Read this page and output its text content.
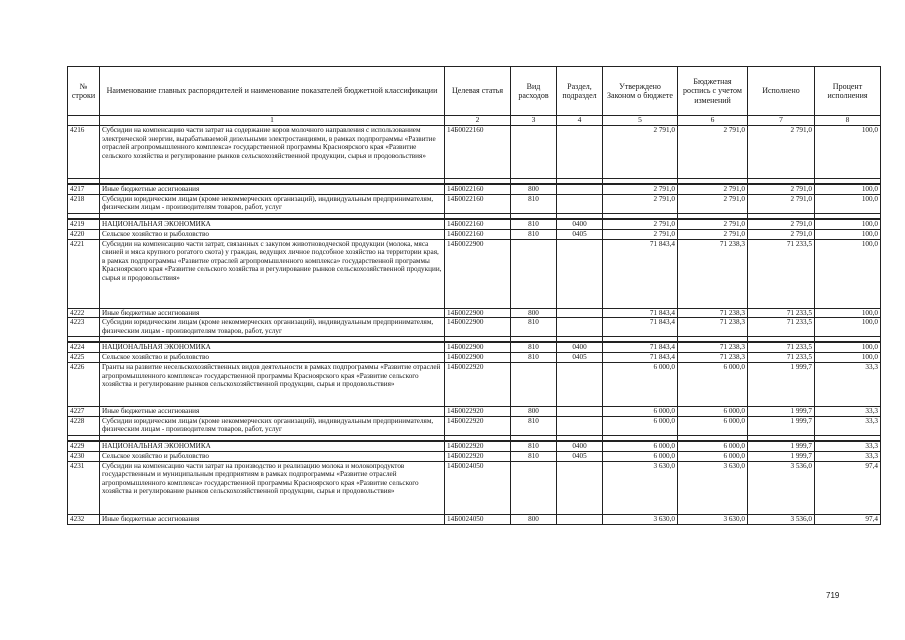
№ строки	Наименование главных распорядителей и наименование показателей бюджетной классификации	Целевая статья	Вид расходов	Раздел, подраздел	Утверждено Законом о бюджете	Бюджетная роспись с учетом изменений	Исполнено	Процент исполнения
	1	2	3	4	5	6	7	8
4216	Субсидии на компенсацию части затрат на содержание коров молочного направления с использованием электрической энергии, вырабатываемой дизельными электростанциями, в рамках подпрограммы «Развитие отраслей агропромышленного комплекса» государственной программы Красноярского края «Развитие сельского хозяйства и регулирование рынков сельскохозяйственной продукции, сырья и продовольствия»	14Б0022160			2 791,0	2 791,0	2 791,0	100,0

4217	Иные бюджетные ассигнования	14Б0022160	800		2 791,0	2 791,0	2 791,0	100,0
4218	Субсидии юридическим лицам (кроме некоммерческих организаций), индивидуальным предпринимателям, физическим лицам - производителям товаров, работ, услуг	14Б0022160	810		2 791,0	2 791,0	2 791,0	100,0

4219	НАЦИОНАЛЬНАЯ ЭКОНОМИКА	14Б0022160	810	0400	2 791,0	2 791,0	2 791,0	100,0
4220	Сельское хозяйство и рыболовство	14Б0022160	810	0405	2 791,0	2 791,0	2 791,0	100,0
4221	Субсидии на компенсацию части затрат, связанных с закупом животноводческой продукции (молока, мяса свиней и мяса крупного рогатого скота) у граждан, ведущих личное подсобное хозяйство на территории края, в рамках подпрограммы «Развитие отраслей агропромышленного комплекса» государственной программы Красноярского края «Развитие сельского хозяйства и регулирование рынков сельскохозяйственной продукции, сырья и продовольствия»	14Б0022900			71 843,4	71 238,3	71 233,5	100,0
4222	Иные бюджетные ассигнования	14Б0022900	800		71 843,4	71 238,3	71 233,5	100,0
4223	Субсидии юридическим лицам (кроме некоммерческих организаций), индивидуальным предпринимателям, физическим лицам - производителям товаров, работ, услуг	14Б0022900	810		71 843,4	71 238,3	71 233,5	100,0

4224	НАЦИОНАЛЬНАЯ ЭКОНОМИКА	14Б0022900	810	0400	71 843,4	71 238,3	71 233,5	100,0
4225	Сельское хозяйство и рыболовство	14Б0022900	810	0405	71 843,4	71 238,3	71 233,5	100,0
4226	Гранты на развитие несельскохозяйственных видов деятельности в рамках подпрограммы «Развитие отраслей агропромышленного комплекса» государственной программы Красноярского края «Развитие сельского хозяйства и регулирование рынков сельскохозяйственной продукции, сырья и продовольствия»	14Б0022920			6 000,0	6 000,0	1 999,7	33,3
4227	Иные бюджетные ассигнования	14Б0022920	800		6 000,0	6 000,0	1 999,7	33,3
4228	Субсидии юридическим лицам (кроме некоммерческих организаций), индивидуальным предпринимателям, физическим лицам - производителям товаров, работ, услуг	14Б0022920	810		6 000,0	6 000,0	1 999,7	33,3

4229	НАЦИОНАЛЬНАЯ ЭКОНОМИКА	14Б0022920	810	0400	6 000,0	6 000,0	1 999,7	33,3
4230	Сельское хозяйство и рыболовство	14Б0022920	810	0405	6 000,0	6 000,0	1 999,7	33,3
4231	Субсидии на компенсацию части затрат на производство и реализацию молока и молокопродуктов государственным и муниципальным предприятиям в рамках подпрограммы «Развитие отраслей агропромышленного комплекса» государственной программы Красноярского края «Развитие сельского хозяйства и регулирование рынков сельскохозяйственной продукции, сырья и продовольствия»	14Б0024050			3 630,0	3 630,0	3 536,0	97,4
4232	Иные бюджетные ассигнования	14Б0024050	800		3 630,0	3 630,0	3 536,0	97,4
719
